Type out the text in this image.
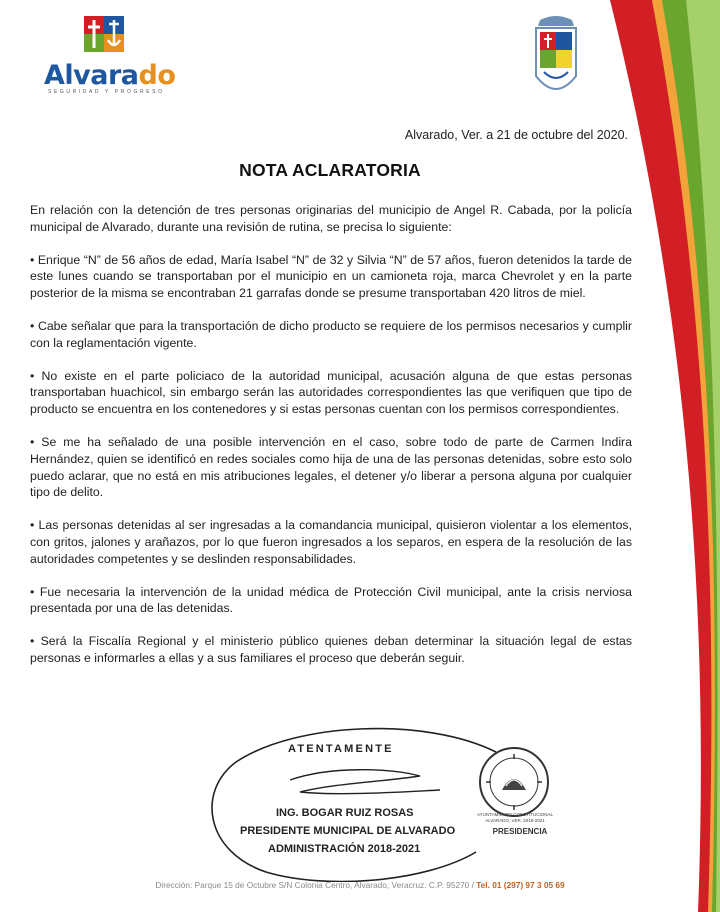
Alvarado
SEGURIDAD Y PROGRESO
Alvarado, Ver. a 21 de octubre del 2020.
NOTA ACLARATORIA

En relación con la detención de tres personas originarias del municipio de Angel R. Cabada, por la policía municipal de Alvarado, durante una revisión de rutina, se precisa lo siguiente:

• Enrique “N” de 56 años de edad, María Isabel “N” de 32 y Silvia “N” de 57 años, fueron detenidos la tarde de este lunes cuando se transportaban por el municipio en un camioneta roja, marca Chevrolet y en la parte posterior de la misma se encontraban 21 garrafas donde se presume transportaban 420 litros de miel.

• Cabe señalar que para la transportación de dicho producto se requiere de los permisos necesarios y cumplir con la reglamentación vigente.

• No existe en el parte policiaco de la autoridad municipal, acusación alguna de que estas personas transportaban huachicol, sin embargo serán las autoridades correspondientes las que verifiquen que tipo de producto se encuentra en los contenedores y si estas personas cuentan con los permisos correspondientes.

• Se me ha señalado de una posible intervención en el caso, sobre todo de parte de Carmen Indira Hernández, quien se identificó en redes sociales como hija de una de las personas detenidas, sobre esto solo puedo aclarar, que no está en mis atribuciones legales, el detener y/o liberar a persona alguna por cualquier tipo de delito.

• Las personas detenidas al ser ingresadas a la comandancia municipal, quisieron violentar a los elementos, con gritos, jalones y arañazos, por lo que fueron ingresados a los separos, en espera de la resolución de las autoridades competentes y se deslinden responsabilidades.

• Fue necesaria la intervención de la unidad médica de Protección Civil municipal, ante la crisis nerviosa presentada por una de las detenidas.

• Será la Fiscalía Regional y el ministerio público quienes deban determinar la situación legal de estas personas e informarles a ellas y a sus familiares el proceso que deberán seguir.

ATENTAMENTE
ING. BOGAR RUIZ ROSAS
PRESIDENTE MUNICIPAL DE ALVARADO
ADMINISTRACIÓN 2018-2021
AYUNTAMIENTO CONSTITUCIONAL ALVARADO, VER. 2018-2021
PRESIDENCIA
Dirección: Parque 15 de Octubre S/N Colonia Centro, Alvarado, Veracruz. C.P. 95270 / Tel. 01 (297) 97 3 05 69
